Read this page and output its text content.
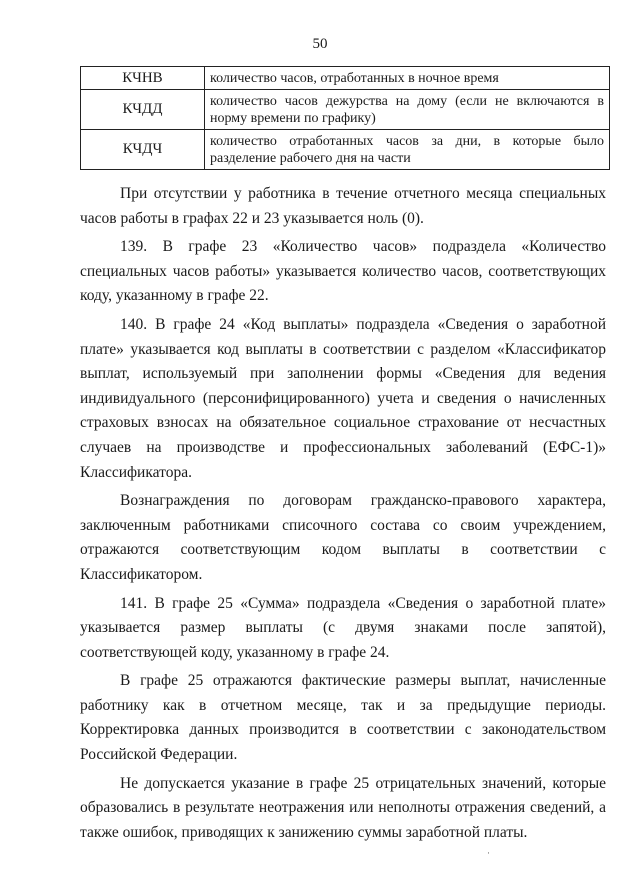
50
КЧНВ	количество часов, отработанных в ночное время
КЧДД	количество часов дежурства на дому (если не включаются в норму времени по графику)
КЧДЧ	количество отработанных часов за дни, в которые было разделение рабочего дня на части

При отсутствии у работника в течение отчетного месяца специальных часов работы в графах 22 и 23 указывается ноль (0).

139. В графе 23 «Количество часов» подраздела «Количество специальных часов работы» указывается количество часов, соответствующих коду, указанному в графе 22.

140. В графе 24 «Код выплаты» подраздела «Сведения о заработной плате» указывается код выплаты в соответствии с разделом «Классификатор выплат, используемый при заполнении формы «Сведения для ведения индивидуального (персонифицированного) учета и сведения о начисленных страховых взносах на обязательное социальное страхование от несчастных случаев на производстве и профессиональных заболеваний (ЕФС-1)» Классификатора.

Вознаграждения по договорам гражданско-правового характера, заключенным работниками списочного состава со своим учреждением, отражаются соответствующим кодом выплаты в соответствии с Классификатором.

141. В графе 25 «Сумма» подраздела «Сведения о заработной плате» указывается размер выплаты (с двумя знаками после запятой), соответствующей коду, указанному в графе 24.

В графе 25 отражаются фактические размеры выплат, начисленные работнику как в отчетном месяце, так и за предыдущие периоды. Корректировка данных производится в соответствии с законодательством Российской Федерации.

Не допускается указание в графе 25 отрицательных значений, которые образовались в результате неотражения или неполноты отражения сведений, а также ошибок, приводящих к занижению суммы заработной платы.

·
